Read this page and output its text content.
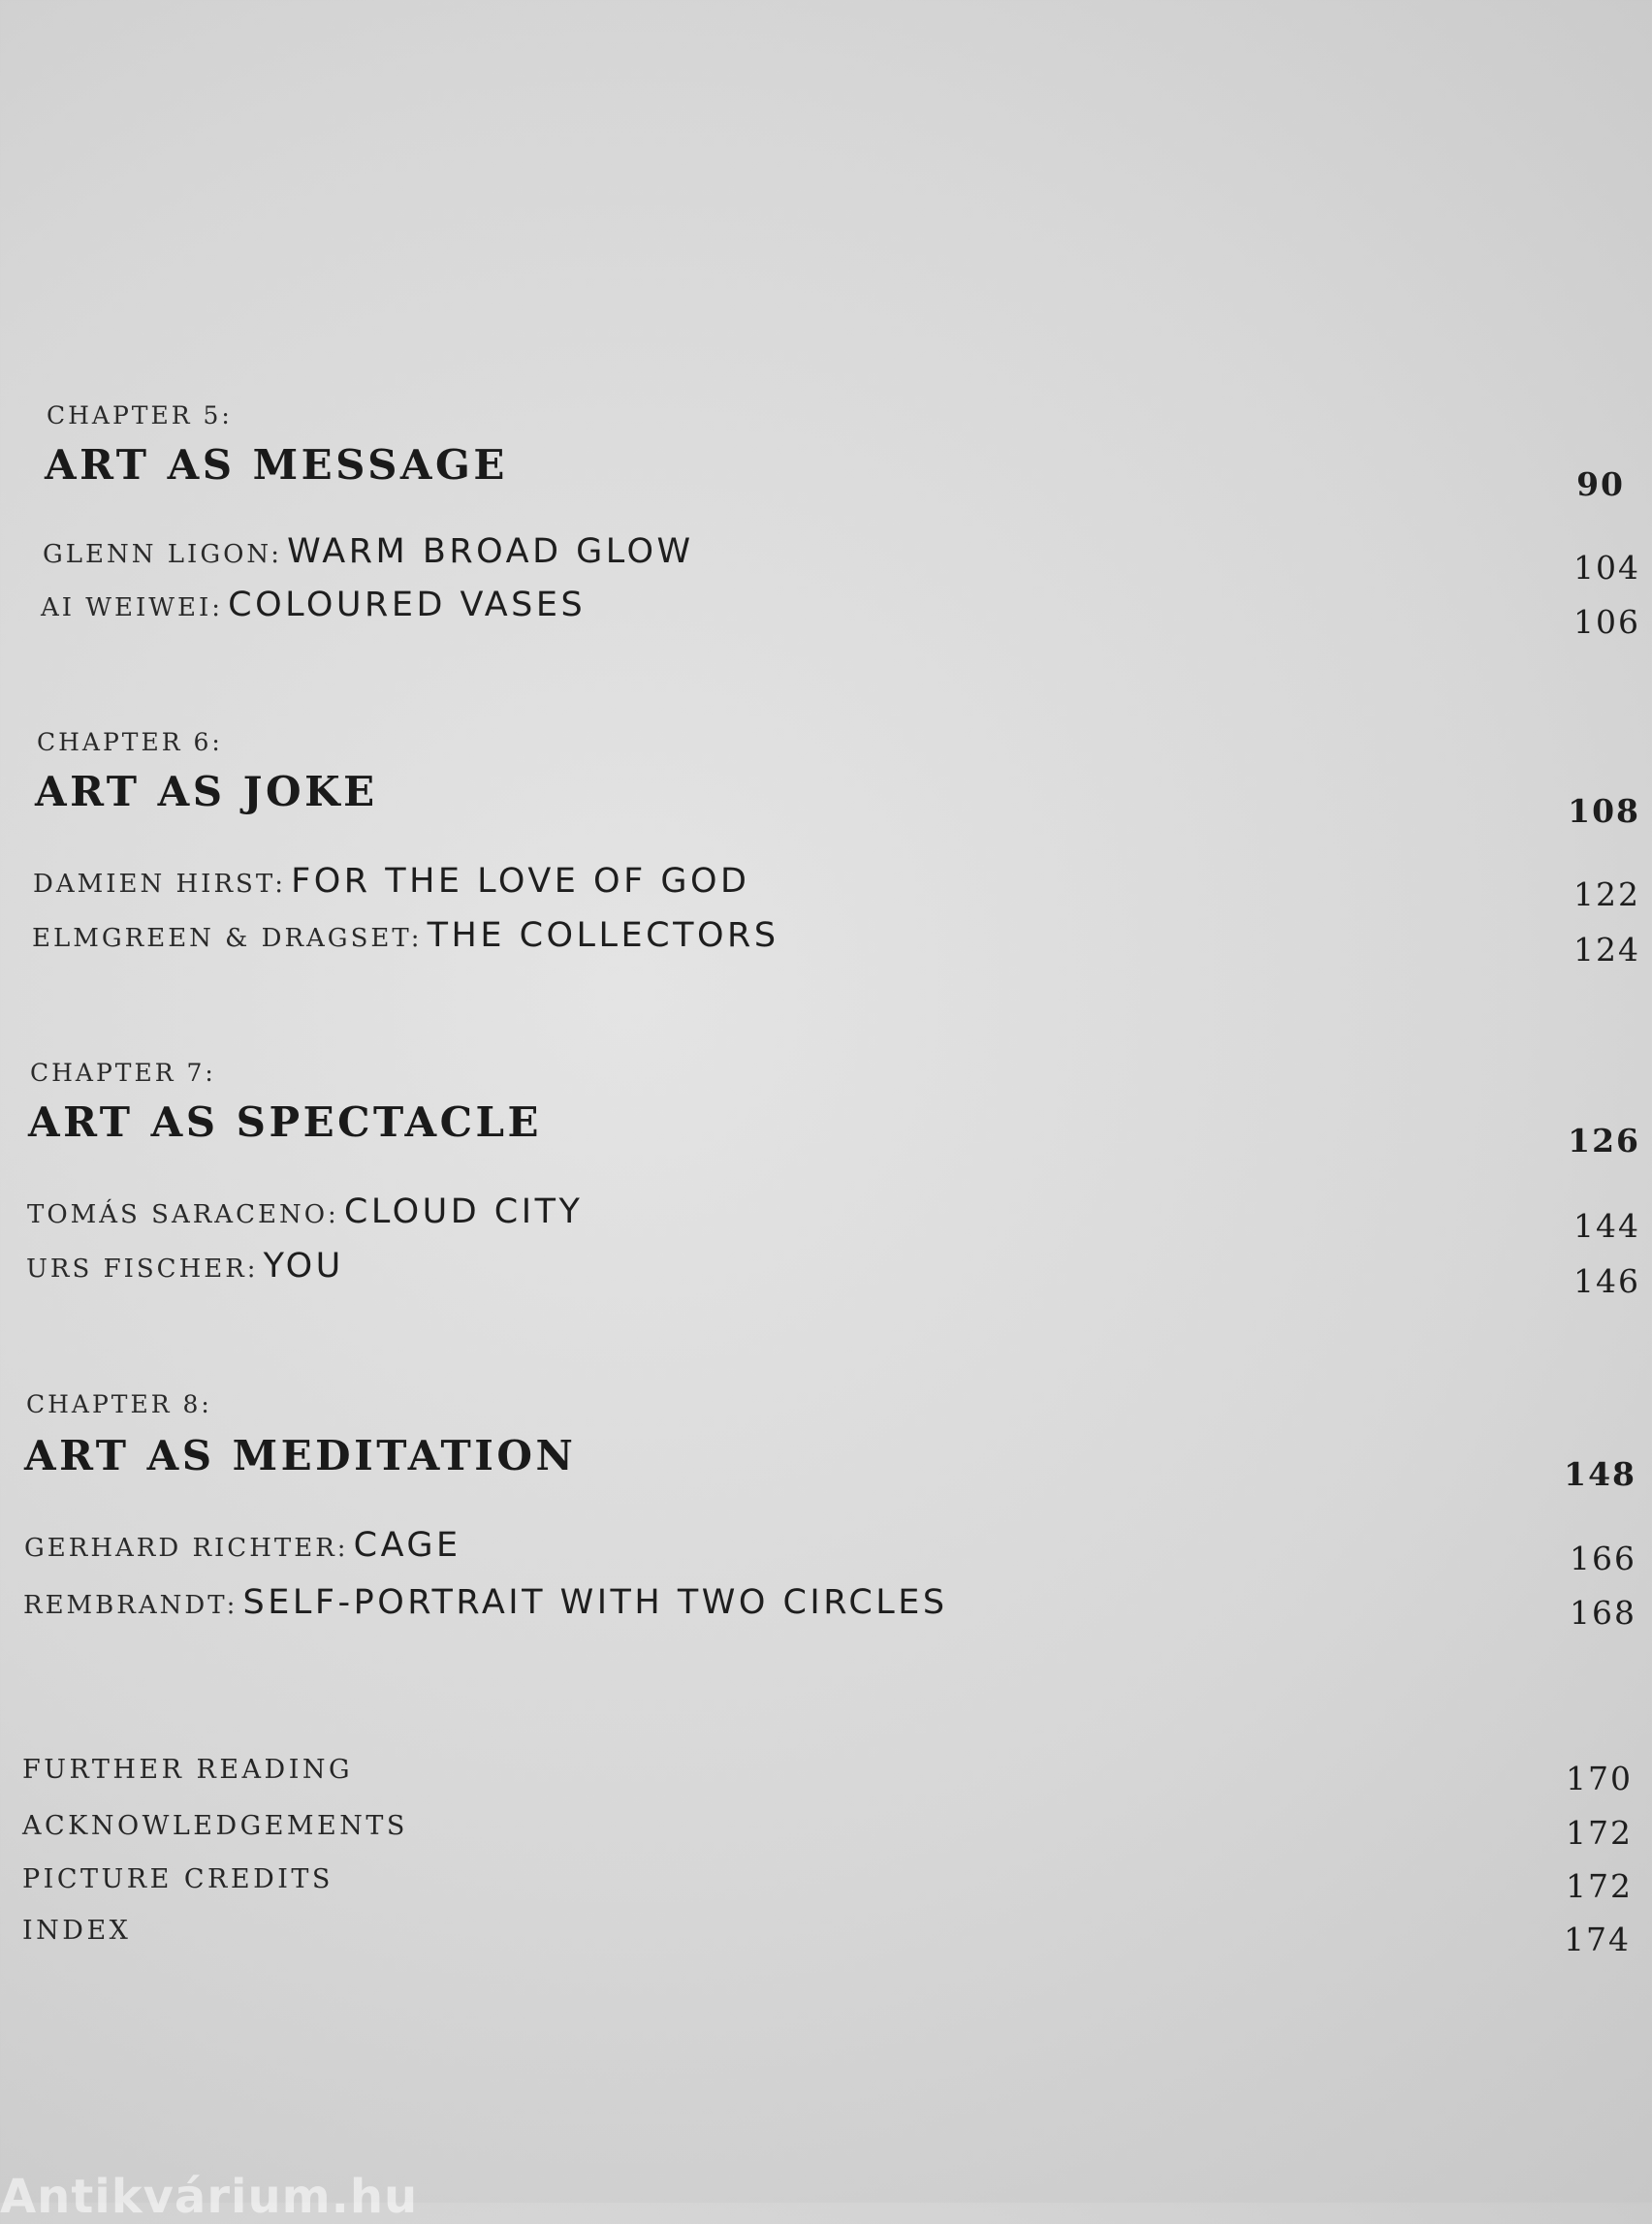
CHAPTER 5:
ART AS MESSAGE	90
GLENN LIGON: WARM BROAD GLOW	104
AI WEIWEI: COLOURED VASES	106
CHAPTER 6:
ART AS JOKE	108
DAMIEN HIRST: FOR THE LOVE OF GOD	122
ELMGREEN & DRAGSET: THE COLLECTORS	124
CHAPTER 7:
ART AS SPECTACLE	126
TOMÁS SARACENO: CLOUD CITY	144
URS FISCHER: YOU	146
CHAPTER 8:
ART AS MEDITATION	148
GERHARD RICHTER: CAGE	166
REMBRANDT: SELF-PORTRAIT WITH TWO CIRCLES	168
FURTHER READING	170
ACKNOWLEDGEMENTS	172
PICTURE CREDITS	172
INDEX	174
Antikvárium.hu
